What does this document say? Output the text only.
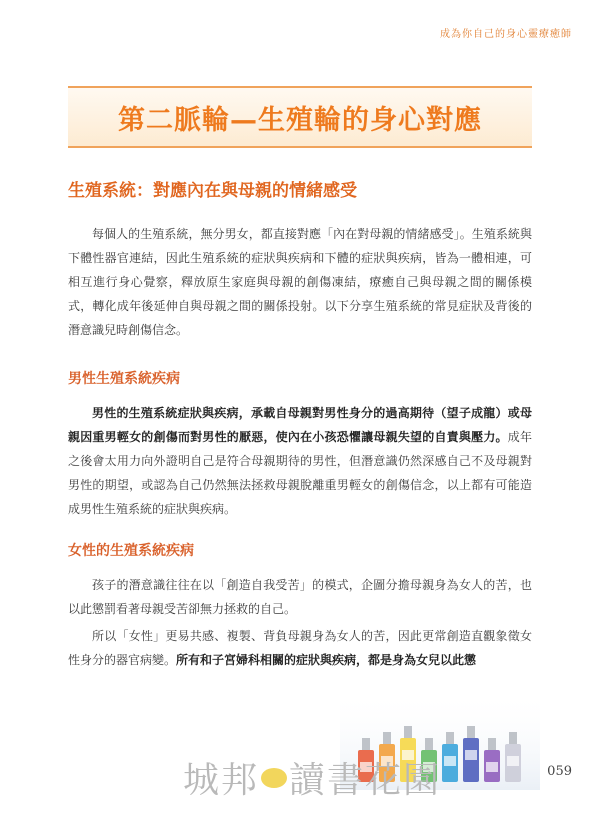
成為你自己的身心靈療癒師
第二脈輪—生殖輪的身心對應
生殖系統：對應內在與母親的情緒感受

每個人的生殖系統，無分男女，都直接對應「內在對母親的情緒感受」。生殖系統與下體性器官連結，因此生殖系統的症狀與疾病和下體的症狀與疾病，皆為一體相連，可相互進行身心覺察，釋放原生家庭與母親的創傷凍結，療癒自己與母親之間的關係模式，轉化成年後延伸自與母親之間的關係投射。以下分享生殖系統的常見症狀及背後的潛意識兒時創傷信念。

男性生殖系統疾病

男性的生殖系統症狀與疾病，承載自母親對男性身分的過高期待（望子成龍）或母親因重男輕女的創傷而對男性的厭惡，使內在小孩恐懼讓母親失望的自責與壓力。成年之後會太用力向外證明自己是符合母親期待的男性，但潛意識仍然深感自己不及母親對男性的期望，或認為自己仍然無法拯救母親脫離重男輕女的創傷信念，以上都有可能造成男性生殖系統的症狀與疾病。

女性的生殖系統疾病

孩子的潛意識往往在以「創造自我受苦」的模式，企圖分擔母親身為女人的苦，也以此懲罰看著母親受苦卻無力拯救的自己。

所以「女性」更易共感、複製、背負母親身為女人的苦，因此更常創造直觀象徵女性身分的器官病變。所有和子宮婦科相關的症狀與疾病，都是身為女兒以此懲

城邦 讀書花園	059
